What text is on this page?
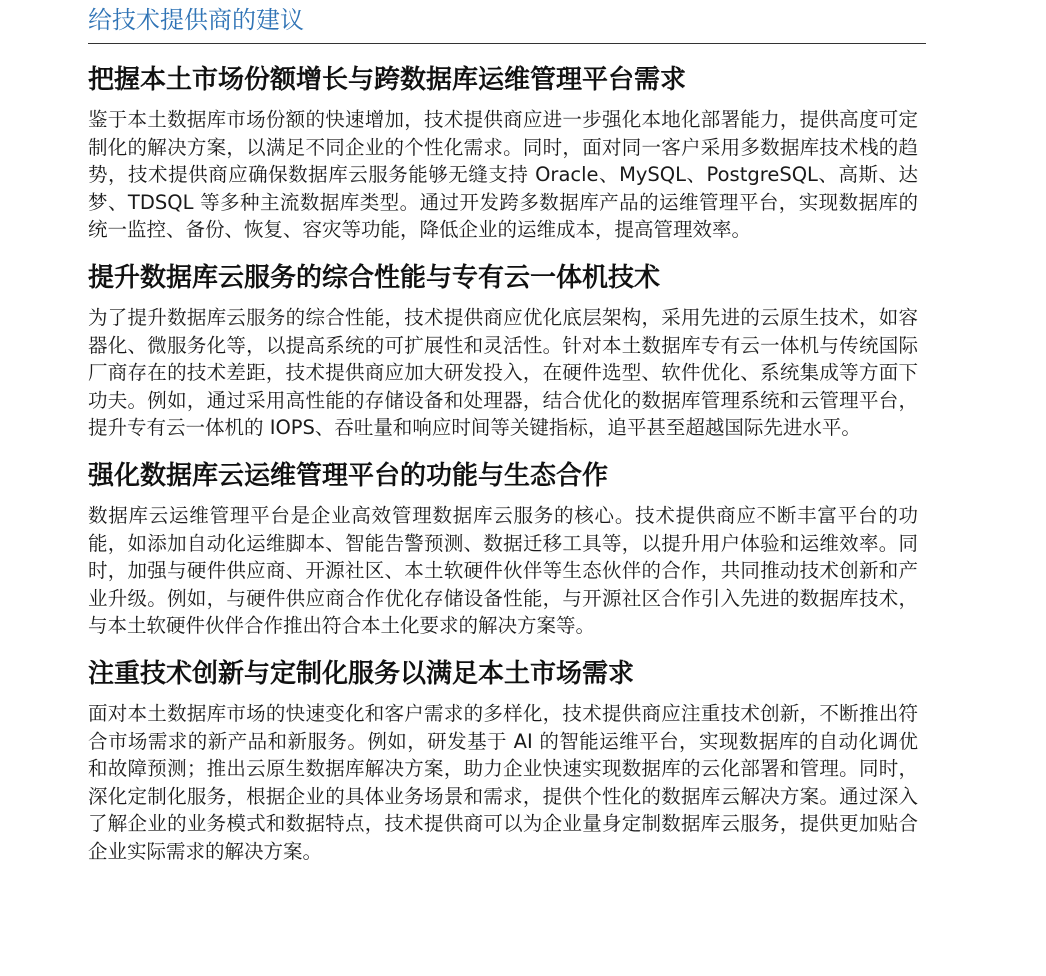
给技术提供商的建议
把握本土市场份额增长与跨数据库运维管理平台需求

鉴于本土数据库市场份额的快速增加，技术提供商应进一步强化本地化部署能力，提供高度可定制化的解决方案，以满足不同企业的个性化需求。同时，面对同一客户采用多数据库技术栈的趋势，技术提供商应确保数据库云服务能够无缝支持 Oracle、MySQL、PostgreSQL、高斯、达梦、TDSQL 等多种主流数据库类型。通过开发跨多数据库产品的运维管理平台，实现数据库的统一监控、备份、恢复、容灾等功能，降低企业的运维成本，提高管理效率。

提升数据库云服务的综合性能与专有云一体机技术

为了提升数据库云服务的综合性能，技术提供商应优化底层架构，采用先进的云原生技术，如容器化、微服务化等，以提高系统的可扩展性和灵活性。针对本土数据库专有云一体机与传统国际厂商存在的技术差距，技术提供商应加大研发投入，在硬件选型、软件优化、系统集成等方面下功夫。例如，通过采用高性能的存储设备和处理器，结合优化的数据库管理系统和云管理平台，提升专有云一体机的 IOPS、吞吐量和响应时间等关键指标，追平甚至超越国际先进水平。

强化数据库云运维管理平台的功能与生态合作

数据库云运维管理平台是企业高效管理数据库云服务的核心。技术提供商应不断丰富平台的功能，如添加自动化运维脚本、智能告警预测、数据迁移工具等，以提升用户体验和运维效率。同时，加强与硬件供应商、开源社区、本土软硬件伙伴等生态伙伴的合作，共同推动技术创新和产业升级。例如，与硬件供应商合作优化存储设备性能，与开源社区合作引入先进的数据库技术，与本土软硬件伙伴合作推出符合本土化要求的解决方案等。

注重技术创新与定制化服务以满足本土市场需求

面对本土数据库市场的快速变化和客户需求的多样化，技术提供商应注重技术创新，不断推出符合市场需求的新产品和新服务。例如，研发基于 AI 的智能运维平台，实现数据库的自动化调优和故障预测；推出云原生数据库解决方案，助力企业快速实现数据库的云化部署和管理。同时，深化定制化服务，根据企业的具体业务场景和需求，提供个性化的数据库云解决方案。通过深入了解企业的业务模式和数据特点，技术提供商可以为企业量身定制数据库云服务，提供更加贴合企业实际需求的解决方案。
